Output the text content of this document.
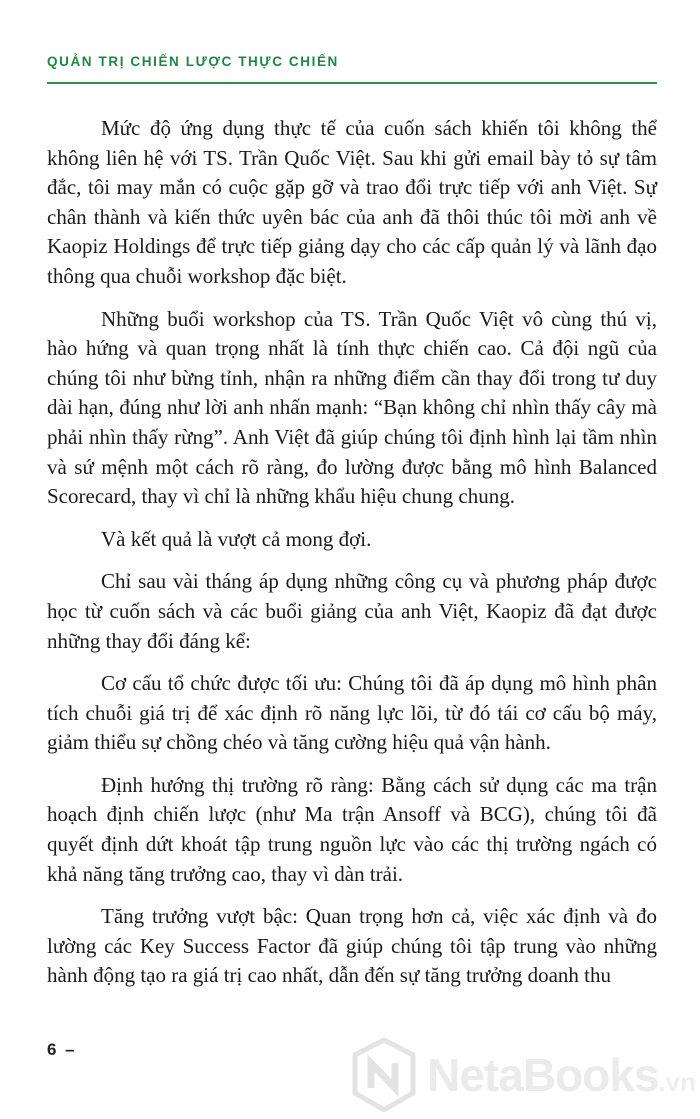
QUẢN TRỊ CHIẾN LƯỢC THỰC CHIẾN

Mức độ ứng dụng thực tế của cuốn sách khiến tôi không thể không liên hệ với TS. Trần Quốc Việt. Sau khi gửi email bày tỏ sự tâm đắc, tôi may mắn có cuộc gặp gỡ và trao đổi trực tiếp với anh Việt. Sự chân thành và kiến thức uyên bác của anh đã thôi thúc tôi mời anh về Kaopiz Holdings để trực tiếp giảng dạy cho các cấp quản lý và lãnh đạo thông qua chuỗi workshop đặc biệt.

Những buổi workshop của TS. Trần Quốc Việt vô cùng thú vị, hào hứng và quan trọng nhất là tính thực chiến cao. Cả đội ngũ của chúng tôi như bừng tỉnh, nhận ra những điểm cần thay đổi trong tư duy dài hạn, đúng như lời anh nhấn mạnh: “Bạn không chỉ nhìn thấy cây mà phải nhìn thấy rừng”. Anh Việt đã giúp chúng tôi định hình lại tầm nhìn và sứ mệnh một cách rõ ràng, đo lường được bằng mô hình Balanced Scorecard, thay vì chỉ là những khẩu hiệu chung chung.

Và kết quả là vượt cả mong đợi.

Chỉ sau vài tháng áp dụng những công cụ và phương pháp được học từ cuốn sách và các buổi giảng của anh Việt, Kaopiz đã đạt được những thay đổi đáng kể:

Cơ cấu tổ chức được tối ưu: Chúng tôi đã áp dụng mô hình phân tích chuỗi giá trị để xác định rõ năng lực lõi, từ đó tái cơ cấu bộ máy, giảm thiểu sự chồng chéo và tăng cường hiệu quả vận hành.

Định hướng thị trường rõ ràng: Bằng cách sử dụng các ma trận hoạch định chiến lược (như Ma trận Ansoff và BCG), chúng tôi đã quyết định dứt khoát tập trung nguồn lực vào các thị trường ngách có khả năng tăng trưởng cao, thay vì dàn trải.

Tăng trưởng vượt bậc: Quan trọng hơn cả, việc xác định và đo lường các Key Success Factor đã giúp chúng tôi tập trung vào những hành động tạo ra giá trị cao nhất, dẫn đến sự tăng trưởng doanh thu

6 –	NetaBooks.vn
